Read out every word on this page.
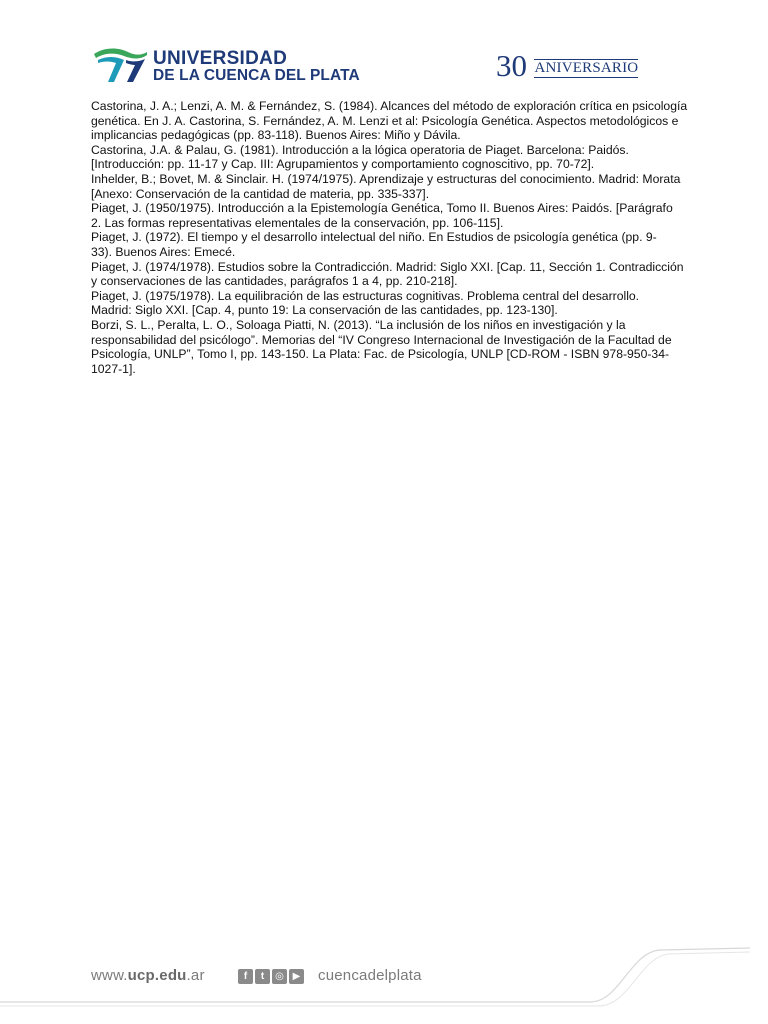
UNIVERSIDAD
DE LA CUENCA DEL PLATA	30 ANIVERSARIO

Castorina, J. A.; Lenzi, A. M. & Fernández, S. (1984). Alcances del método de exploración crítica en psicología genética. En J. A. Castorina, S. Fernández, A. M. Lenzi et al: Psicología Genética. Aspectos metodológicos e implicancias pedagógicas (pp. 83-118). Buenos Aires: Miño y Dávila.

Castorina, J.A. & Palau, G. (1981). Introducción a la lógica operatoria de Piaget. Barcelona: Paidós.

[Introducción: pp. 11-17 y Cap. III: Agrupamientos y comportamiento cognoscitivo, pp. 70-72].

Inhelder, B.; Bovet, M. & Sinclair. H. (1974/1975). Aprendizaje y estructuras del conocimiento. Madrid: Morata

[Anexo: Conservación de la cantidad de materia, pp. 335-337].

Piaget, J. (1950/1975). Introducción a la Epistemología Genética, Tomo II. Buenos Aires: Paidós. [Parágrafo

2. Las formas representativas elementales de la conservación, pp. 106-115].

Piaget, J. (1972). El tiempo y el desarrollo intelectual del niño. En Estudios de psicología genética (pp. 9-

33). Buenos Aires: Emecé.

Piaget, J. (1974/1978). Estudios sobre la Contradicción. Madrid: Siglo XXI. [Cap. 11, Sección 1. Contradicción y conservaciones de las cantidades, parágrafos 1 a 4, pp. 210-218].

Piaget, J. (1975/1978). La equilibración de las estructuras cognitivas. Problema central del desarrollo.

Madrid: Siglo XXI. [Cap. 4, punto 19: La conservación de las cantidades, pp. 123-130].

Borzi, S. L., Peralta, L. O., Soloaga Piatti, N. (2013). “La inclusión de los niños en investigación y la responsabilidad del psicólogo”. Memorias del “IV Congreso Internacional de Investigación de la Facultad de Psicología, UNLP”, Tomo I, pp. 143-150. La Plata: Fac. de Psicología, UNLP [CD-ROM - ISBN 978-950-34-1027-1].

www.ucp.edu.ar	f t ◎ ▶	cuencadelplata
